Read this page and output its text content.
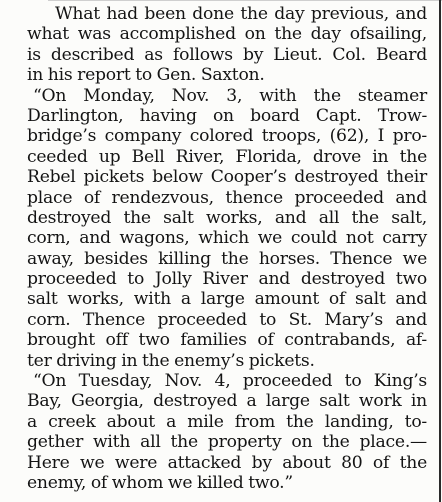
What had been done the day previous, and
what was accomplished on the day ofsailing,
is described as follows by Lieut. Col. Beard
in his report to Gen. Saxton.
“On Monday, Nov. 3, with the steamer
Darlington, having on board Capt. Trow-
bridge’s company colored troops, (62), I pro-
ceeded up Bell River, Florida, drove in the
Rebel pickets below Cooper’s destroyed their
place of rendezvous, thence proceeded and
destroyed the salt works, and all the salt,
corn, and wagons, which we could not carry
away, besides killing the horses. Thence we
proceeded to Jolly River and destroyed two
salt works, with a large amount of salt and
corn. Thence proceeded to St. Mary’s and
brought off two families of contrabands, af-
ter driving in the enemy’s pickets.
“On Tuesday, Nov. 4, proceeded to King’s
Bay, Georgia, destroyed a large salt work in
a creek about a mile from the landing, to-
gether with all the property on the place.—
Here we were attacked by about 80 of the
enemy, of whom we killed two.”
